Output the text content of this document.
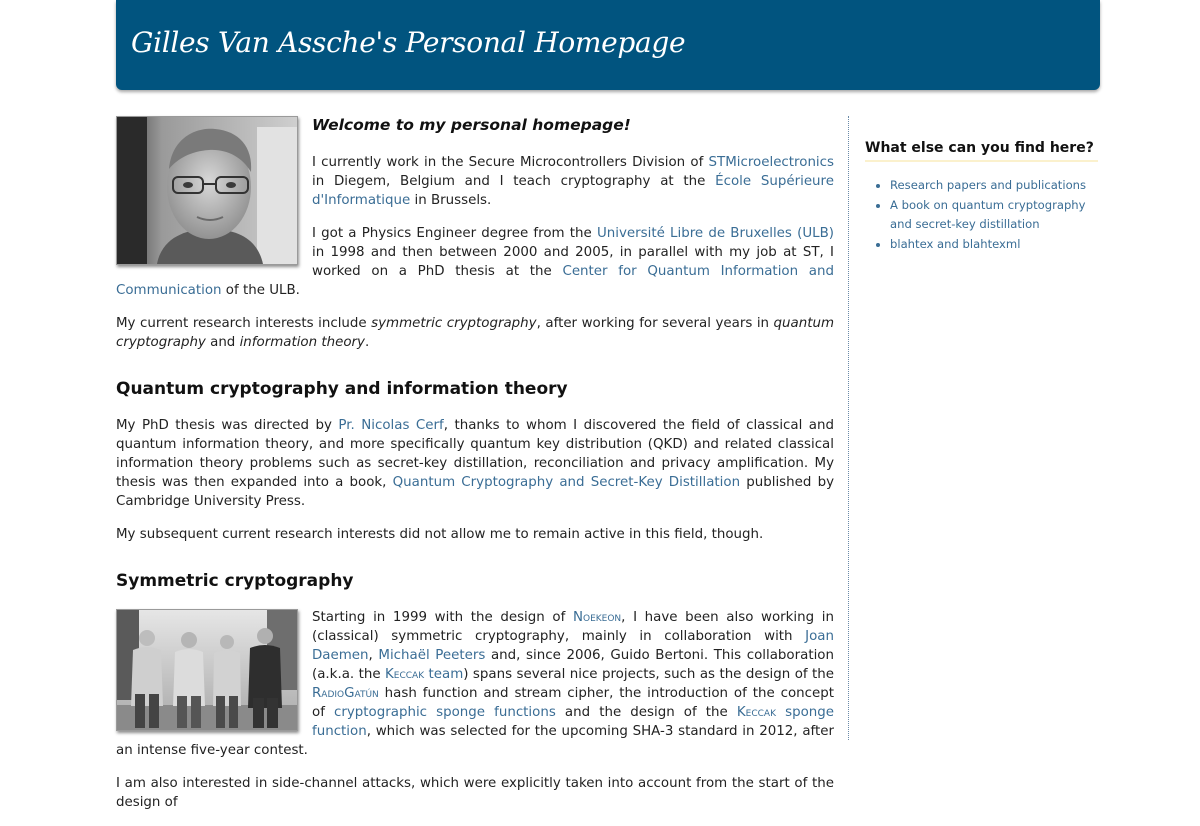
Gilles Van Assche's Personal Homepage
Welcome to my personal homepage!

I currently work in the Secure Microcontrollers Division of STMicroelectronics in Diegem, Belgium and I teach cryptography at the École Supérieure d'Informatique in Brussels.

I got a Physics Engineer degree from the Université Libre de Bruxelles (ULB) in 1998 and then between 2000 and 2005, in parallel with my job at ST, I worked on a PhD thesis at the Center for Quantum Information and Communication of the ULB.

My current research interests include symmetric cryptography, after working for several years in quantum cryptography and information theory.

Quantum cryptography and information theory

My PhD thesis was directed by Pr. Nicolas Cerf, thanks to whom I discovered the field of classical and quantum information theory, and more specifically quantum key distribution (QKD) and related classical information theory problems such as secret-key distillation, reconciliation and privacy amplification. My thesis was then expanded into a book, Quantum Cryptography and Secret-Key Distillation published by Cambridge University Press.

My subsequent current research interests did not allow me to remain active in this field, though.

Symmetric cryptography

Starting in 1999 with the design of Noekeon, I have been also working in (classical) symmetric cryptography, mainly in collaboration with Joan Daemen, Michaël Peeters and, since 2006, Guido Bertoni. This collaboration (a.k.a. the Keccak team) spans several nice projects, such as the design of the RadioGatún hash function and stream cipher, the introduction of the concept of cryptographic sponge functions and the design of the Keccak sponge function, which was selected for the upcoming SHA-3 standard in 2012, after an intense five-year contest.

I am also interested in side-channel attacks, which were explicitly taken into account from the start of the design of

What else can you find here?
• Research papers and publications
• A book on quantum cryptography and secret-key distillation
• blahtex and blahtexml
